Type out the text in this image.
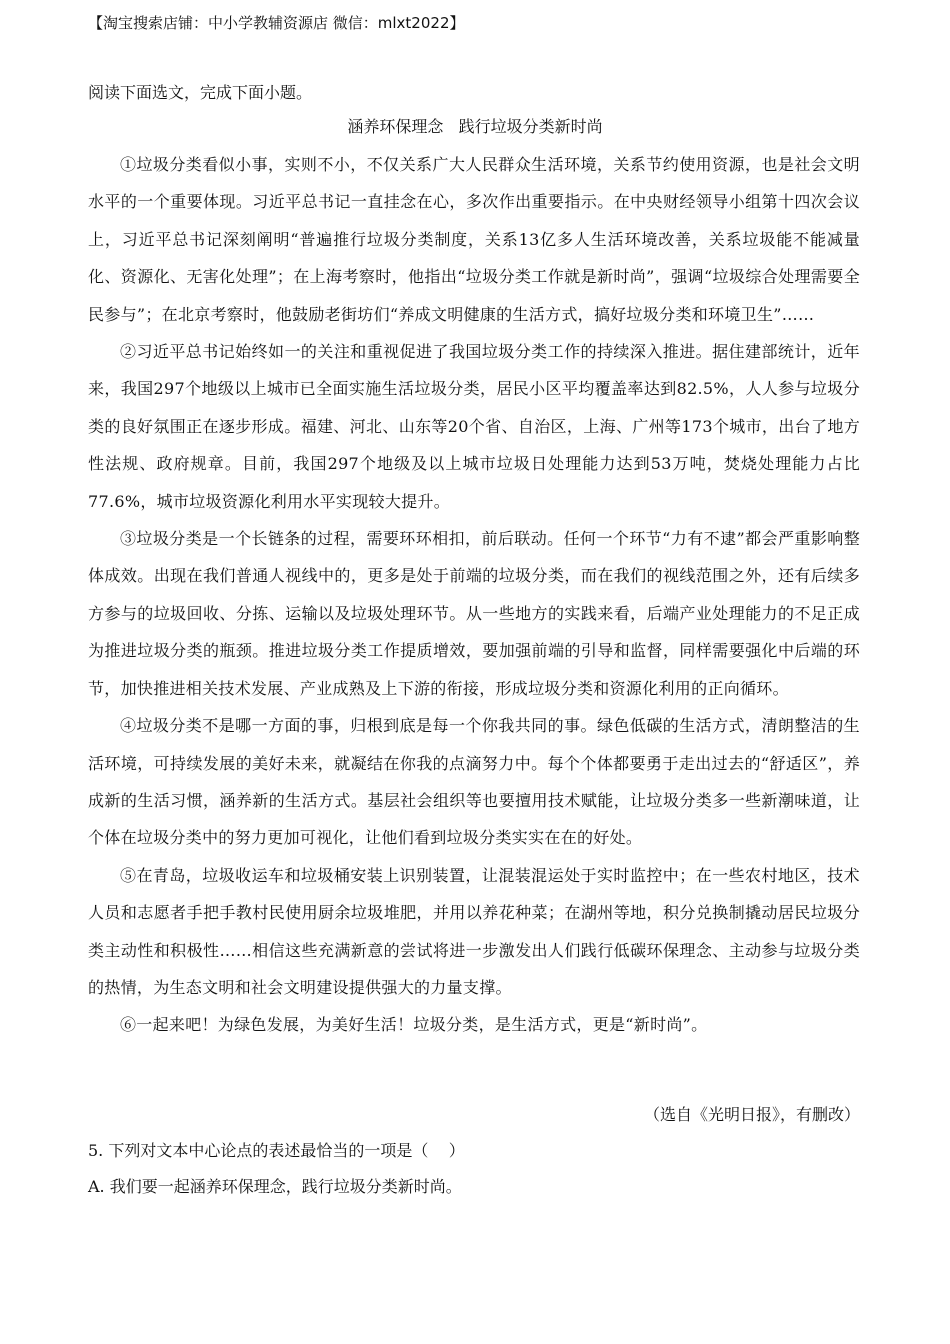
【淘宝搜索店铺：中小学教辅资源店 微信：mlxt2022】
阅读下面选文，完成下面小题。
涵养环保理念   践行垃圾分类新时尚

①垃圾分类看似小事，实则不小，不仅关系广大人民群众生活环境，关系节约使用资源，也是社会文明水平的一个重要体现。习近平总书记一直挂念在心，多次作出重要指示。在中央财经领导小组第十四次会议上，习近平总书记深刻阐明“普遍推行垃圾分类制度，关系13亿多人生活环境改善，关系垃圾能不能减量化、资源化、无害化处理”；在上海考察时，他指出“垃圾分类工作就是新时尚”，强调“垃圾综合处理需要全民参与”；在北京考察时，他鼓励老街坊们“养成文明健康的生活方式，搞好垃圾分类和环境卫生”……

②习近平总书记始终如一的关注和重视促进了我国垃圾分类工作的持续深入推进。据住建部统计，近年来，我国297个地级以上城市已全面实施生活垃圾分类，居民小区平均覆盖率达到82.5%，人人参与垃圾分类的良好氛围正在逐步形成。福建、河北、山东等20个省、自治区，上海、广州等173个城市，出台了地方性法规、政府规章。目前，我国297个地级及以上城市垃圾日处理能力达到53万吨，焚烧处理能力占比77.6%，城市垃圾资源化利用水平实现较大提升。

③垃圾分类是一个长链条的过程，需要环环相扣，前后联动。任何一个环节“力有不逮”都会严重影响整体成效。出现在我们普通人视线中的，更多是处于前端的垃圾分类，而在我们的视线范围之外，还有后续多方参与的垃圾回收、分拣、运输以及垃圾处理环节。从一些地方的实践来看，后端产业处理能力的不足正成为推进垃圾分类的瓶颈。推进垃圾分类工作提质增效，要加强前端的引导和监督，同样需要强化中后端的环节，加快推进相关技术发展、产业成熟及上下游的衔接，形成垃圾分类和资源化利用的正向循环。

④垃圾分类不是哪一方面的事，归根到底是每一个你我共同的事。绿色低碳的生活方式，清朗整洁的生活环境，可持续发展的美好未来，就凝结在你我的点滴努力中。每个个体都要勇于走出过去的“舒适区”，养成新的生活习惯，涵养新的生活方式。基层社会组织等也要擅用技术赋能，让垃圾分类多一些新潮味道，让个体在垃圾分类中的努力更加可视化，让他们看到垃圾分类实实在在的好处。

⑤在青岛，垃圾收运车和垃圾桶安装上识别装置，让混装混运处于实时监控中；在一些农村地区，技术人员和志愿者手把手教村民使用厨余垃圾堆肥，并用以养花种菜；在湖州等地，积分兑换制撬动居民垃圾分类主动性和积极性……相信这些充满新意的尝试将进一步激发出人们践行低碳环保理念、主动参与垃圾分类的热情，为生态文明和社会文明建设提供强大的力量支撑。

⑥一起来吧！为绿色发展，为美好生活！垃圾分类，是生活方式，更是“新时尚”。

（选自《光明日报》，有删改）
5. 下列对文本中心论点的表述最恰当的一项是（    ）
A. 我们要一起涵养环保理念，践行垃圾分类新时尚。
